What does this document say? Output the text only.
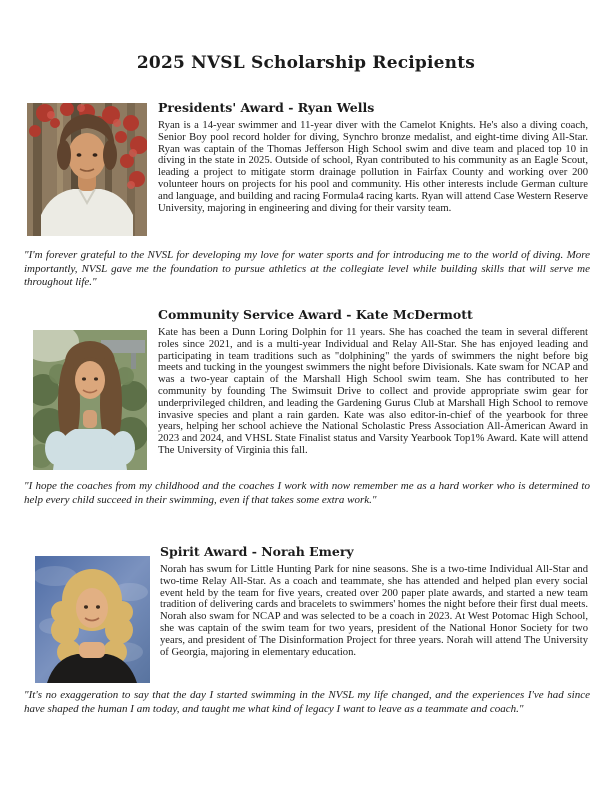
2025 NVSL Scholarship Recipients
Presidents' Award - Ryan Wells

Ryan is a 14-year swimmer and 11-year diver with the Camelot Knights. He's also a diving coach, Senior Boy pool record holder for diving, Synchro bronze medalist, and eight-time diving All-Star. Ryan was captain of the Thomas Jefferson High School swim and dive team and placed top 10 in diving in the state in 2025. Outside of school, Ryan contributed to his community as an Eagle Scout, leading a project to mitigate storm drainage pollution in Fairfax County and working over 200 volunteer hours on projects for his pool and community. His other interests include German culture and language, and building and racing Formula4 racing karts. Ryan will attend Case Western Reserve University, majoring in engineering and diving for their varsity team.

"I'm forever grateful to the NVSL for developing my love for water sports and for introducing me to the world of diving. More importantly, NVSL gave me the foundation to pursue athletics at the collegiate level while building skills that will serve me throughout life."
Community Service Award - Kate McDermott

Kate has been a Dunn Loring Dolphin for 11 years. She has coached the team in several different roles since 2021, and is a multi-year Individual and Relay All-Star. She has enjoyed leading and participating in team traditions such as "dolphining" the yards of swimmers the night before big meets and tucking in the youngest swimmers the night before Divisionals. Kate swam for NCAP and was a two-year captain of the Marshall High School swim team. She has contributed to her community by founding The Swimsuit Drive to collect and provide appropriate swim gear for underprivileged children, and leading the Gardening Gurus Club at Marshall High School to remove invasive species and plant a rain garden. Kate was also editor-in-chief of the yearbook for three years, helping her school achieve the National Scholastic Press Association All-American Award in 2023 and 2024, and VHSL State Finalist status and Varsity Yearbook Top1% Award. Kate will attend The University of Virginia this fall.

"I hope the coaches from my childhood and the coaches I work with now remember me as a hard worker who is determined to help every child succeed in their swimming, even if that takes some extra work."
Spirit Award - Norah Emery

Norah has swum for Little Hunting Park for nine seasons. She is a two-time Individual All-Star and two-time Relay All-Star. As a coach and teammate, she has attended and helped plan every social event held by the team for five years, created over 200 paper plate awards, and started a new team tradition of delivering cards and bracelets to swimmers' homes the night before their first dual meets. Norah also swam for NCAP and was selected to be a coach in 2023. At West Potomac High School, she was captain of the swim team for two years, president of the National Honor Society for two years, and president of The Disinformation Project for three years. Norah will attend The University of Georgia, majoring in elementary education.

"It's no exaggeration to say that the day I started swimming in the NVSL my life changed, and the experiences I've had since have shaped the human I am today, and taught me what kind of legacy I want to leave as a teammate and coach."
